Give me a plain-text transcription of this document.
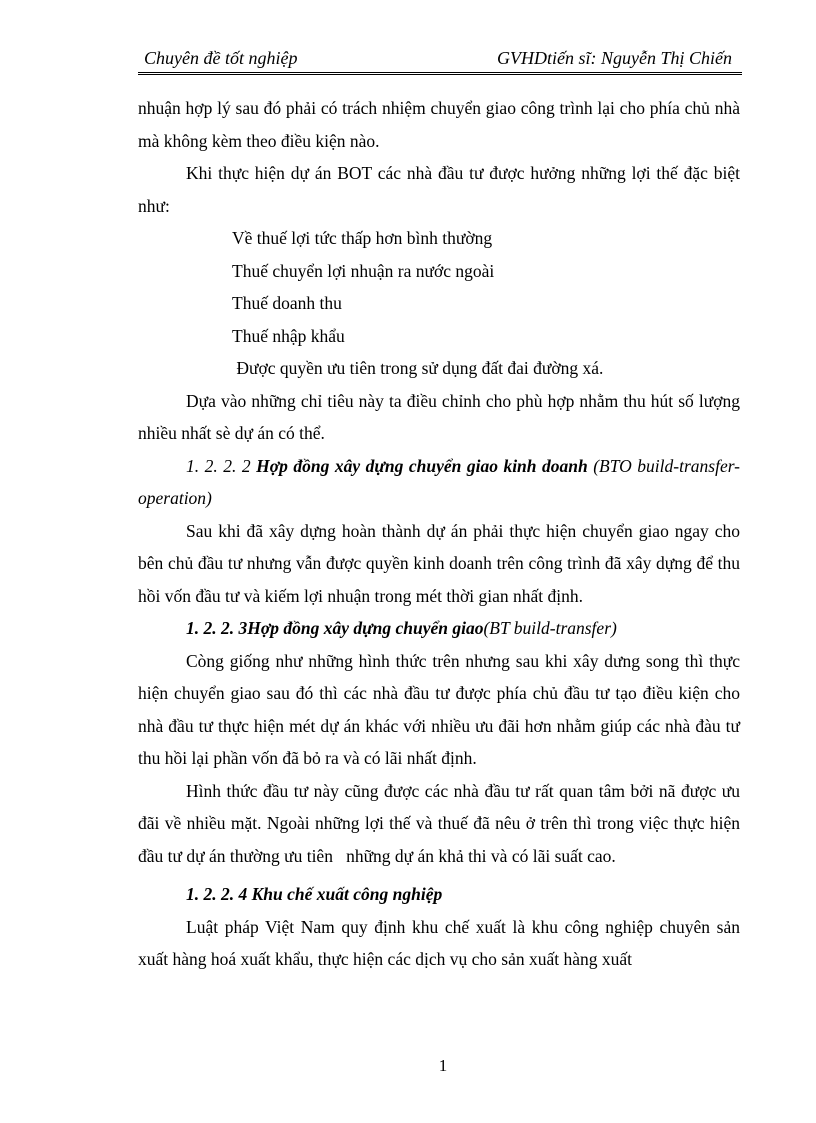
Chuyên đề tốt nghiệp	GVHDtiến sĩ: Nguyễn Thị Chiến

nhuận hợp lý sau đó phải có trách nhiệm chuyển giao công trình lại cho phía chủ nhà mà không kèm theo điều kiện nào.

Khi thực hiện dự án BOT các nhà đầu tư được hưởng những lợi thế đặc biệt như:

Về thuế lợi tức thấp hơn bình thường
Thuế chuyển lợi nhuận ra nước ngoài
Thuế doanh thu
Thuế nhập khẩu
Được quyền ưu tiên trong sử dụng đất đai đường xá.

Dựa vào những chỉ tiêu này ta điều chỉnh cho phù hợp nhằm thu hút số lượng nhiều nhất sè dự án có thể.

1. 2. 2. 2 Hợp đồng xây dựng chuyển giao kinh doanh (BTO build-transfer-operation)

Sau khi đã xây dựng hoàn thành dự án phải thực hiện chuyển giao ngay cho bên chủ đầu tư nhưng vẫn được quyền kinh doanh trên công trình đã xây dựng để thu hồi vốn đầu tư và kiếm lợi nhuận trong mét thời gian nhất định.

1. 2. 2. 3Hợp đồng xây dựng chuyển giao(BT build-transfer)

Còng giống như những hình thức trên nhưng sau khi xây dưng song thì thực hiện chuyển giao sau đó thì các nhà đầu tư được phía chủ đầu tư tạo điều kiện cho nhà đầu tư thực hiện mét dự án khác với nhiều ưu đãi hơn nhằm giúp các nhà đàu tư thu hồi lại phần vốn đã bỏ ra và có lãi nhất định.

Hình thức đầu tư này cũng được các nhà đầu tư rất quan tâm bởi nã được ưu đãi về nhiều mặt. Ngoài những lợi thế và thuế đã nêu ở trên thì trong việc thực hiện đầu tư dự án thường ưu tiên   những dự án khả thi và có lãi suất cao.

1. 2. 2. 4 Khu chế xuất công nghiệp

Luật pháp Việt Nam quy định khu chế xuất là khu công nghiệp chuyên sản xuất hàng hoá xuất khẩu, thực hiện các dịch vụ cho sản xuất hàng xuất

1
